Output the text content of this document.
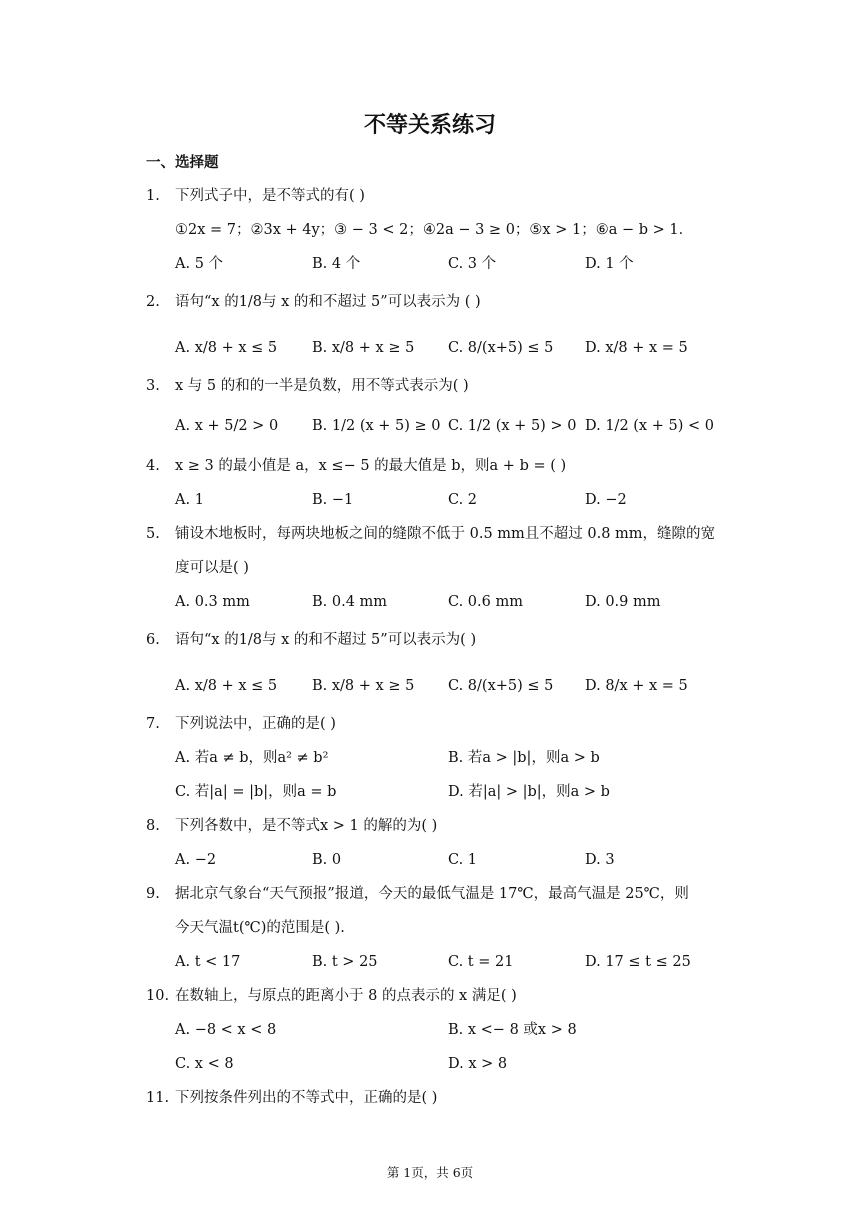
不等关系练习
一、选择题
1. 下列式子中，是不等式的有( )
①2x = 7；②3x + 4y；③ − 3 < 2；④2a − 3 ≥ 0；⑤x > 1；⑥a − b > 1．
A. 5 个	B. 4 个	C. 3 个	D. 1 个
2. 语句“x 的1/8与 x 的和不超过 5”可以表示为 ( )
A. x/8 + x ≤ 5 B. x/8 + x ≥ 5 C. 8/(x+5) ≤ 5 D. x/8 + x = 5
3. x 与 5 的和的一半是负数，用不等式表示为( )
A. x + 5/2 > 0 B. 1/2 (x + 5) ≥ 0 C. 1/2 (x + 5) > 0 D. 1/2 (x + 5) < 0
4. x ≥ 3 的最小值是 a，x ≤− 5 的最大值是 b，则a + b = ( )
A. 1	B. −1	C. 2	D. −2
5. 铺设木地板时，每两块地板之间的缝隙不低于 0.5 mm且不超过 0.8 mm，缝隙的宽
度可以是( )
A. 0.3 mm	B. 0.4 mm	C. 0.6 mm	D. 0.9 mm
6. 语句“x 的1/8与 x 的和不超过 5”可以表示为( )
A. x/8 + x ≤ 5 B. x/8 + x ≥ 5 C. 8/(x+5) ≤ 5 D. 8/x + x = 5
7. 下列说法中，正确的是( )
A. 若a ≠ b，则a² ≠ b²	B. 若a > |b|，则a > b
C. 若|a| = |b|，则a = b	D. 若|a| > |b|，则a > b
8. 下列各数中，是不等式x > 1 的解的为( )
A. −2	B. 0	C. 1	D. 3
9. 据北京气象台“天气预报”报道，今天的最低气温是 17℃，最高气温是 25℃，则
今天气温t(℃)的范围是( ).
A. t < 17	B. t > 25	C. t = 21	D. 17 ≤ t ≤ 25
10. 在数轴上，与原点的距离小于 8 的点表示的 x 满足( )
A. −8 < x < 8	B. x <− 8 或x > 8
C. x < 8	D. x > 8
11. 下列按条件列出的不等式中，正确的是( )
第 1页，共 6页
